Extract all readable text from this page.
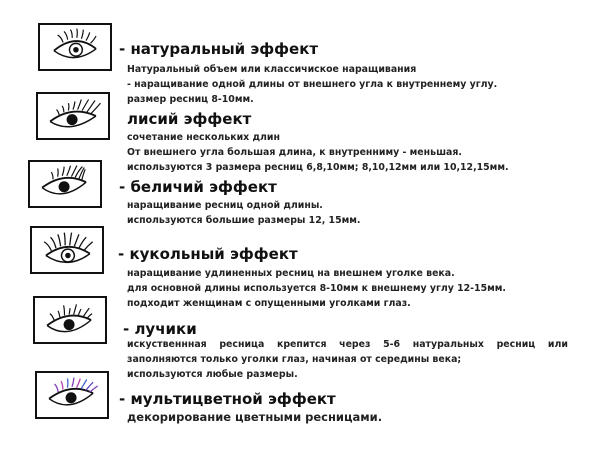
- натуральный эффект
Натуральный объем или классичиское наращивания
- наращивание одной длины от внешнего угла к внутреннему углу.
размер ресниц 8-10мм.
лисий эффект
сочетание нескольких длин
От внешнего угла большая длина, к внутренниму - меньшая.
используются 3 размера ресниц 6,8,10мм; 8,10,12мм или 10,12,15мм.
- беличий эффект
наращивание ресниц одной длины.
используются большие размеры 12, 15мм.
- кукольный эффект
наращивание удлиненных ресниц на внешнем уголке века.
для основной длины используется 8-10мм к внешнему углу 12-15мм.
подходит женщинам с опущенными уголками глаз.
- лучики
искуственнная ресница крепится через 5-6 натуральных ресниц или
заполняются только уголки глаз, начиная от середины века;
используются любые размеры.
- мультицветной эффект
декорирование цветными ресницами.
